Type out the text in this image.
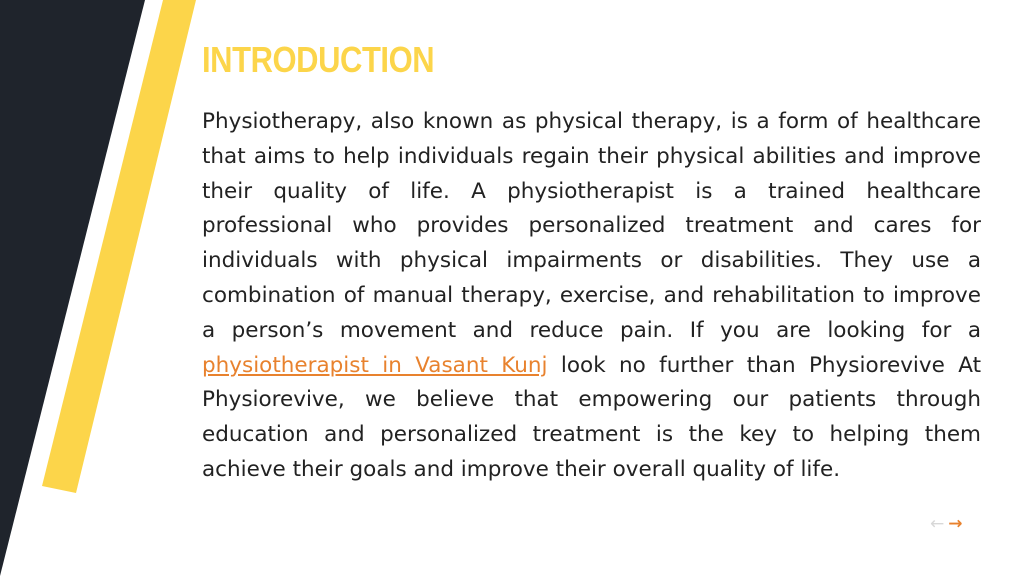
INTRODUCTION

Physiotherapy, also known as physical therapy, is a form of healthcare that aims to help individuals regain their physical abilities and improve their quality of life. A physiotherapist is a trained healthcare professional who provides personalized treatment and cares for individuals with physical impairments or disabilities. They use a combination of manual therapy, exercise, and rehabilitation to improve a person’s movement and reduce pain. If you are looking for a physiotherapist in Vasant Kunj look no further than Physiorevive At Physiorevive, we believe that empowering our patients through education and personalized treatment is the key to helping them achieve their goals and improve their overall quality of life.

← →
